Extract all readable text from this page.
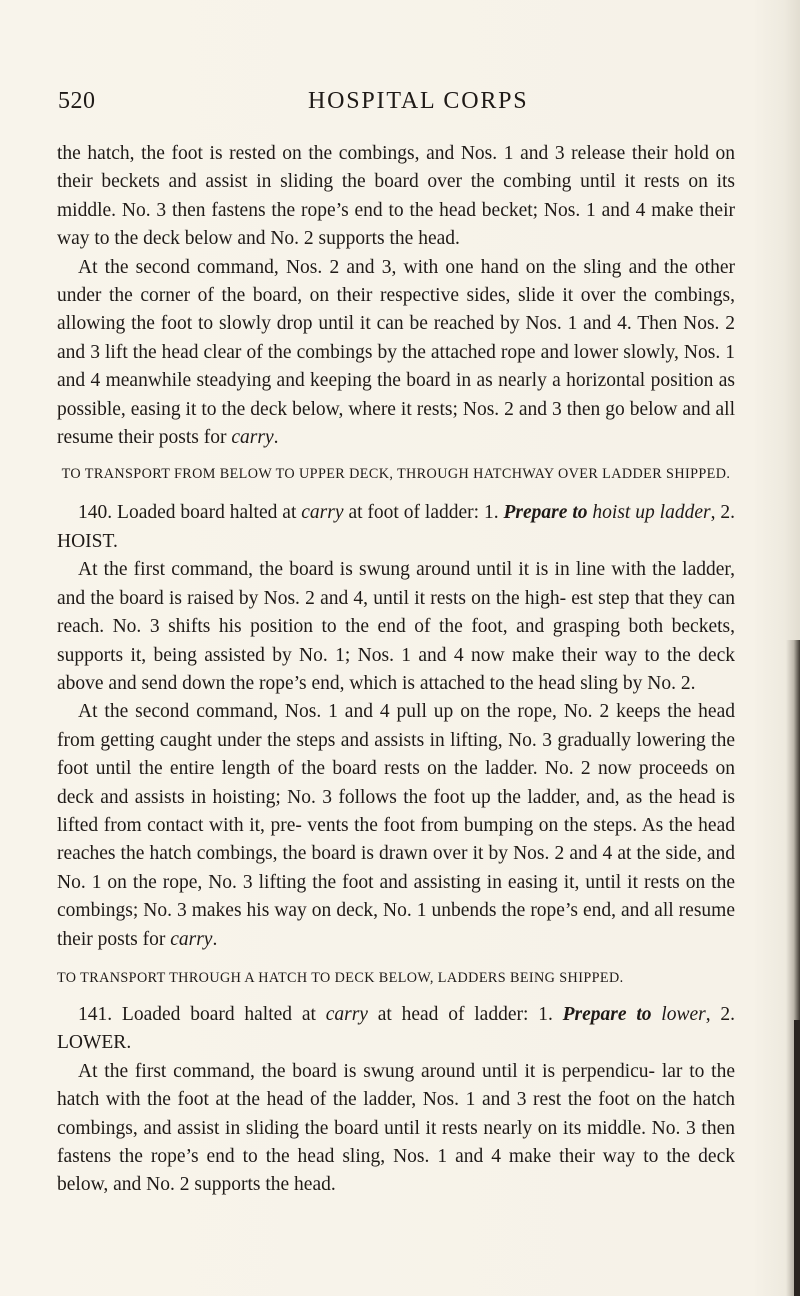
520	HOSPITAL CORPS

the hatch, the foot is rested on the combings, and Nos. 1 and 3 release their hold on their beckets and assist in sliding the board over the combing until it rests on its middle. No. 3 then fastens the rope’s end to the head becket; Nos. 1 and 4 make their way to the deck below and No. 2 supports the head.

At the second command, Nos. 2 and 3, with one hand on the sling and the other under the corner of the board, on their respective sides, slide it over the combings, allowing the foot to slowly drop until it can be reached by Nos. 1 and 4. Then Nos. 2 and 3 lift the head clear of the combings by the attached rope and lower slowly, Nos. 1 and 4 meanwhile steadying and keeping the board in as nearly a horizontal position as possible, easing it to the deck below, where it rests; Nos. 2 and 3 then go below and all resume their posts for carry.

TO TRANSPORT FROM BELOW TO UPPER DECK, THROUGH HATCHWAY OVER LADDER SHIPPED.

140. Loaded board halted at carry at foot of ladder: 1. Prepare to hoist up ladder, 2. HOIST.

At the first command, the board is swung around until it is in line with the ladder, and the board is raised by Nos. 2 and 4, until it rests on the high- est step that they can reach. No. 3 shifts his position to the end of the foot, and grasping both beckets, supports it, being assisted by No. 1; Nos. 1 and 4 now make their way to the deck above and send down the rope’s end, which is attached to the head sling by No. 2.

At the second command, Nos. 1 and 4 pull up on the rope, No. 2 keeps the head from getting caught under the steps and assists in lifting, No. 3 gradually lowering the foot until the entire length of the board rests on the ladder. No. 2 now proceeds on deck and assists in hoisting; No. 3 follows the foot up the ladder, and, as the head is lifted from contact with it, pre- vents the foot from bumping on the steps. As the head reaches the hatch combings, the board is drawn over it by Nos. 2 and 4 at the side, and No. 1 on the rope, No. 3 lifting the foot and assisting in easing it, until it rests on the combings; No. 3 makes his way on deck, No. 1 unbends the rope’s end, and all resume their posts for carry.

TO TRANSPORT THROUGH A HATCH TO DECK BELOW, LADDERS BEING SHIPPED.

141. Loaded board halted at carry at head of ladder: 1. Prepare to lower, 2. LOWER.

At the first command, the board is swung around until it is perpendicu- lar to the hatch with the foot at the head of the ladder, Nos. 1 and 3 rest the foot on the hatch combings, and assist in sliding the board until it rests nearly on its middle. No. 3 then fastens the rope’s end to the head sling, Nos. 1 and 4 make their way to the deck below, and No. 2 supports the head.
